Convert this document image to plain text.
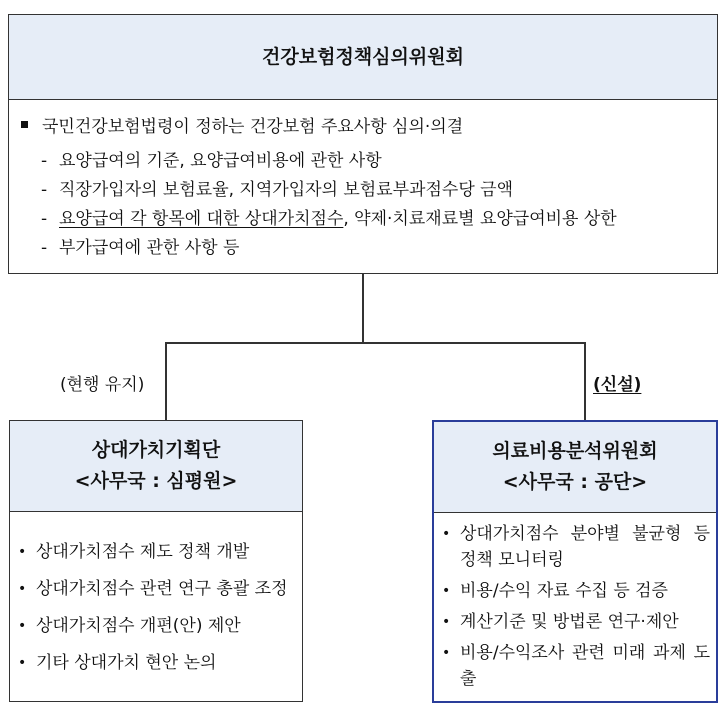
건강보험정책심의위원회
국민건강보험법령이 정하는 건강보험 주요사항 심의·의결
- 요양급여의 기준, 요양급여비용에 관한 사항
- 직장가입자의 보험료율, 지역가입자의 보험료부과점수당 금액
- 요양급여 각 항목에 대한 상대가치점수, 약제·치료재료별 요양급여비용 상한
- 부가급여에 관한 사항 등
(현행 유지)	(신설)
상대가치기획단
<사무국 : 심평원>
• 상대가치점수 제도 정책 개발
• 상대가치점수 관련 연구 총괄 조정
• 상대가치점수 개편(안) 제안
• 기타 상대가치 현안 논의
의료비용분석위원회
<사무국 : 공단>
• 상대가치점수 분야별 불균형 등 정책 모니터링
• 비용/수익 자료 수집 등 검증
• 계산기준 및 방법론 연구·제안
• 비용/수익조사 관련 미래 과제 도출
